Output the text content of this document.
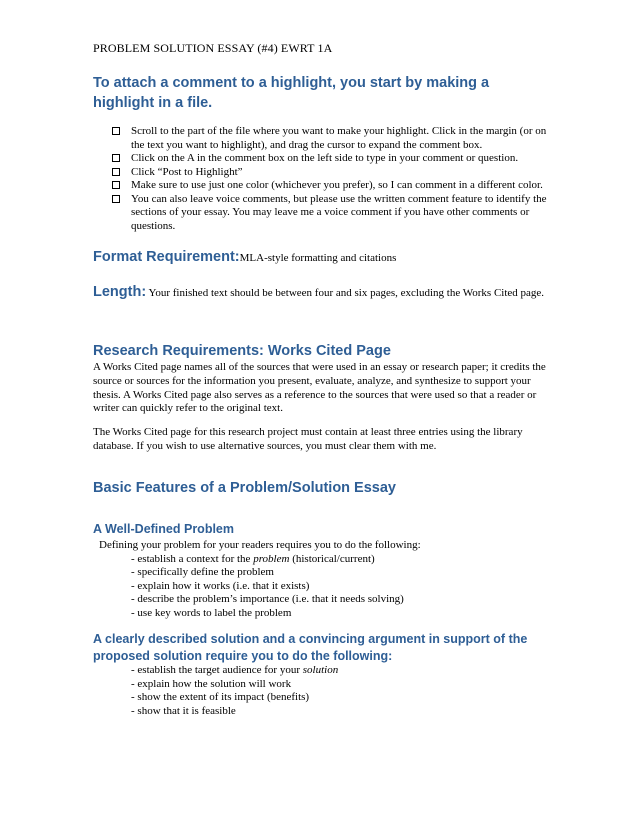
PROBLEM SOLUTION ESSAY (#4) EWRT 1A
To attach a comment to a highlight, you start by making a
highlight in a file.
Scroll to the part of the file where you want to make your highlight. Click in the margin (or on the text you want to highlight), and drag the cursor to expand the comment box.
Click on the A in the comment box on the left side to type in your comment or question.
Click “Post to Highlight”
Make sure to use just one color (whichever you prefer), so I can comment in a different color.
You can also leave voice comments, but please use the written comment feature to identify the sections of your essay. You may leave me a voice comment if you have other comments or questions.
Format Requirement:MLA-style formatting and citations
Length: Your finished text should be between four and six pages, excluding the Works Cited page.
Research Requirements: Works Cited Page
A Works Cited page names all of the sources that were used in an essay or research paper; it credits the source or sources for the information you present, evaluate, analyze, and synthesize to support your thesis. A Works Cited page also serves as a reference to the sources that were used so that a reader or writer can quickly refer to the original text.
The Works Cited page for this research project must contain at least three entries using the library database. If you wish to use alternative sources, you must clear them with me.
Basic Features of a Problem/Solution Essay
A Well-Defined Problem
Defining your problem for your readers requires you to do the following:
- establish a context for the problem (historical/current)
- specifically define the problem
- explain how it works (i.e. that it exists)
- describe the problem’s importance (i.e. that it needs solving)
- use key words to label the problem
A clearly described solution and a convincing argument in support of the
proposed solution require you to do the following:
- establish the target audience for your solution
- explain how the solution will work
- show the extent of its impact (benefits)
- show that it is feasible
